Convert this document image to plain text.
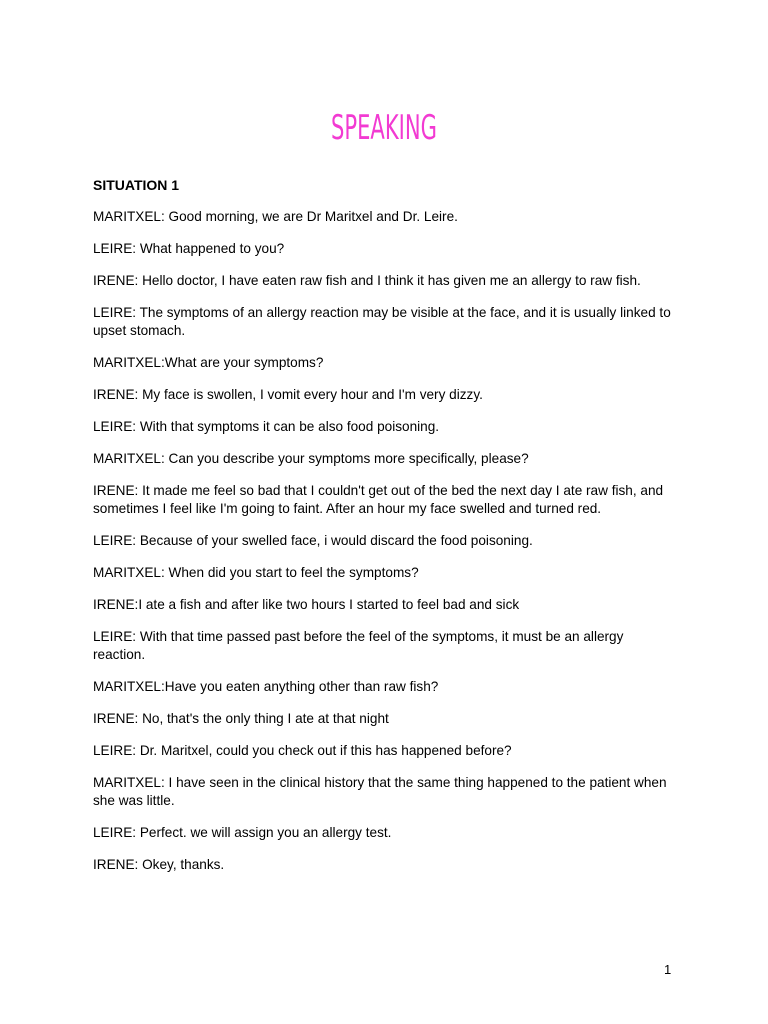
SPEAKING
SITUATION 1

MARITXEL: Good morning, we are Dr Maritxel and Dr. Leire.

LEIRE: What happened to you?

IRENE: Hello doctor, I have eaten raw fish and I think it has given me an allergy to raw fish.

LEIRE: The symptoms of an allergy reaction may be visible at the face, and it is usually linked to upset stomach.

MARITXEL:What are your symptoms?

IRENE: My face is swollen, I vomit every hour and I'm very dizzy.

LEIRE: With that symptoms it can be also food poisoning.

MARITXEL: Can you describe your symptoms more specifically, please?

IRENE: It made me feel so bad that I couldn't get out of the bed the next day I ate raw fish, and sometimes I feel like I'm going to faint. After an hour my face swelled and turned red.

LEIRE: Because of your swelled face, i would discard the food poisoning.

MARITXEL: When did you start to feel the symptoms?

IRENE:I ate a fish and after like two hours I started to feel bad and sick

LEIRE: With that time passed past before the feel of the symptoms, it must be an allergy reaction.

MARITXEL:Have you eaten anything other than raw fish?

IRENE: No, that's the only thing I ate at that night

LEIRE: Dr. Maritxel, could you check out if this has happened before?

MARITXEL: I have seen in the clinical history that the same thing happened to the patient when she was little.

LEIRE: Perfect. we will assign you an allergy test.

IRENE: Okey, thanks.

1
